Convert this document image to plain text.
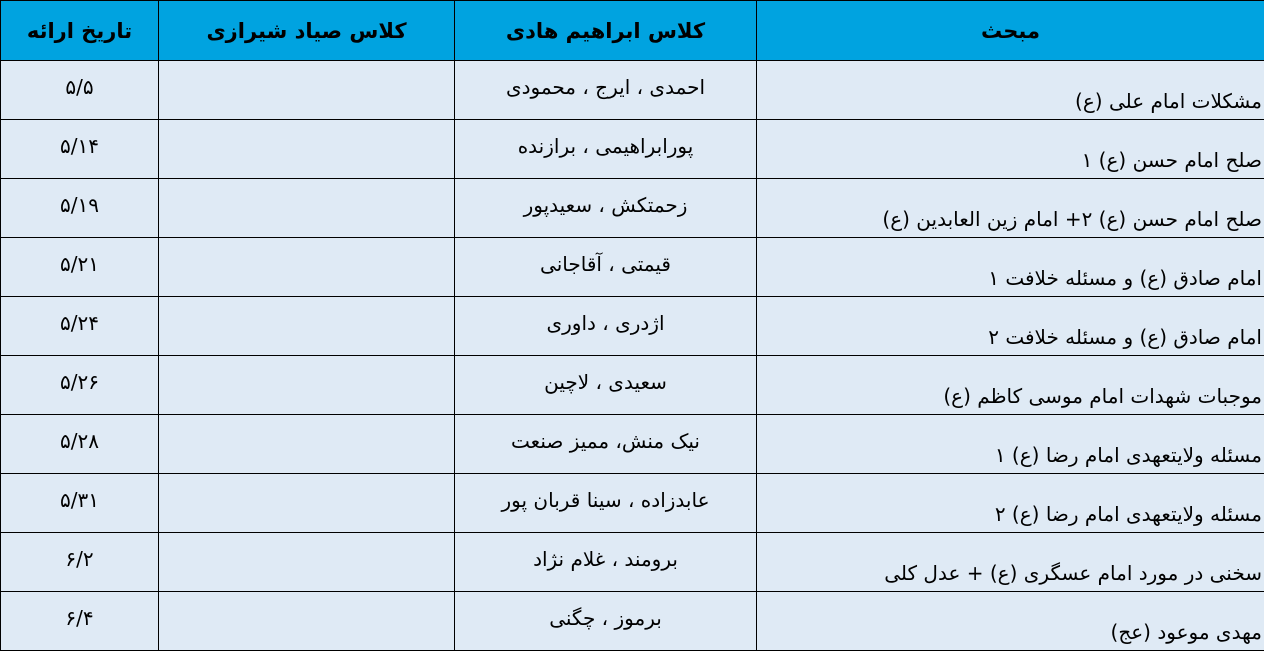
مبحث	کلاس ابراهیم هادی	کلاس صیاد شیرازی	تاریخ ارائه
مشکلات امام علی (ع)	احمدی ، ایرج ، محمودی		۵/۵
صلح امام حسن (ع) ۱	پورابراهیمی ، برازنده		۵/۱۴
صلح امام حسن (ع) ۲+ امام زین العابدین (ع)	زحمتکش ، سعیدپور		۵/۱۹
امام صادق (ع) و مسئله خلافت ۱	قیمتی ، آقاجانی		۵/۲۱
امام صادق (ع) و مسئله خلافت ۲	اژدری ، داوری		۵/۲۴
موجبات شهدات امام موسی کاظم (ع)	سعیدی ، لاچین		۵/۲۶
مسئله ولایتعهدی امام رضا (ع) ۱	نیک منش، ممیز صنعت		۵/۲۸
مسئله ولایتعهدی امام رضا (ع) ۲	عابدزاده ، سینا قربان پور		۵/۳۱
سخنی در مورد امام عسگری (ع) + عدل کلی	برومند ، غلام نژاد		۶/۲
مهدی موعود (عج)	برموز ، چگنی		۶/۴
